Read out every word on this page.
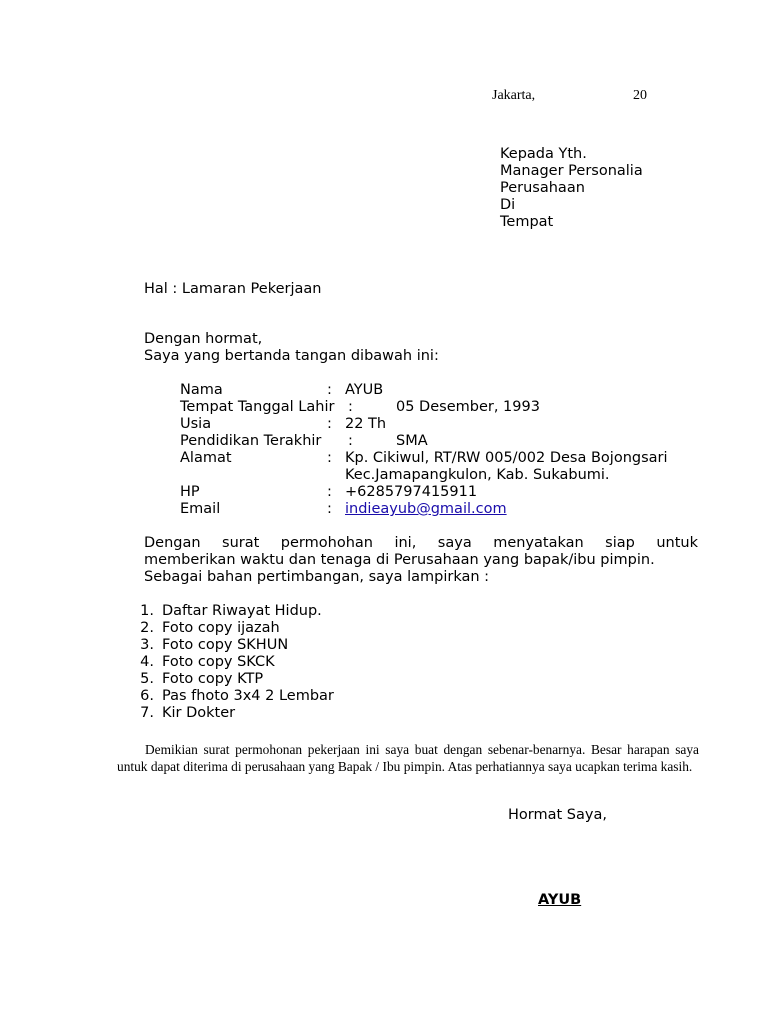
Jakarta,	20
Kepada Yth.
Manager Personalia
Perusahaan
Di
Tempat
Hal : Lamaran Pekerjaan
Dengan hormat,
Saya yang bertanda tangan dibawah ini:
Nama	: AYUB
Tempat Tanggal Lahir :	05 Desember, 1993
Usia	: 22 Th
Pendidikan Terakhir :	SMA
Alamat	: Kp. Cikiwul, RT/RW 005/002 Desa Bojongsari
Kec.Jamapangkulon, Kab. Sukabumi.
HP	: +6285797415911
Email	: indieayub@gmail.com
Dengan surat permohohan ini, saya menyatakan siap untuk
memberikan waktu dan tenaga di Perusahaan yang bapak/ibu pimpin.
Sebagai bahan pertimbangan, saya lampirkan :
1. Daftar Riwayat Hidup.
2. Foto copy ijazah
3. Foto copy SKHUN
4. Foto copy SKCK
5. Foto copy KTP
6. Pas fhoto 3x4 2 Lembar
7. Kir Dokter
Demikian surat permohonan pekerjaan ini saya buat dengan sebenar-benarnya. Besar harapan saya untuk dapat diterima di perusahaan yang Bapak / Ibu pimpin. Atas perhatiannya saya ucapkan terima kasih.
Hormat Saya,
AYUB
